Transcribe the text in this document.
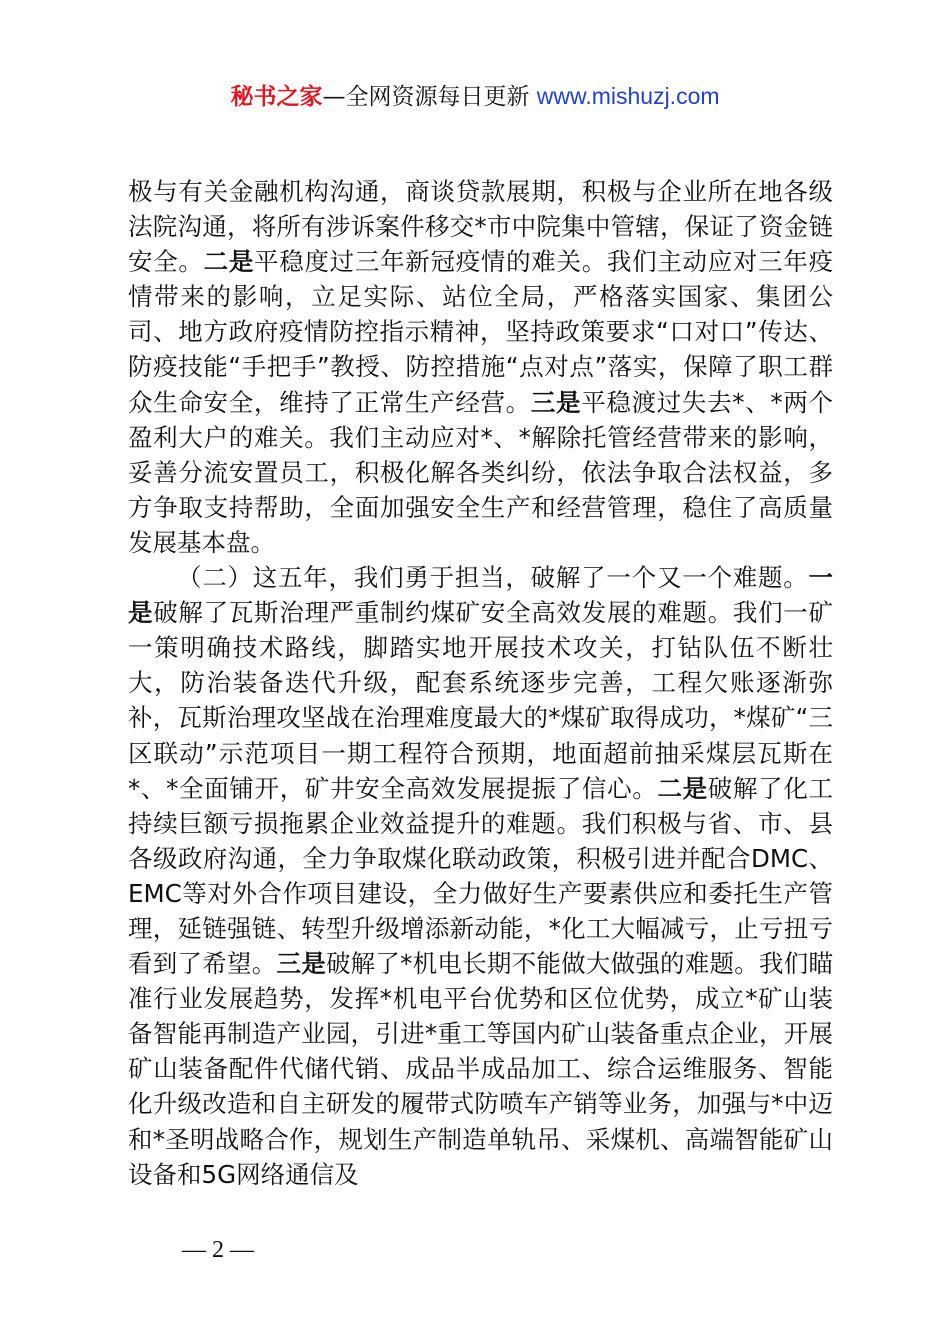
秘书之家—全网资源每日更新 www.mishuzj.com

极与有关金融机构沟通，商谈贷款展期，积极与企业所在地各级法院沟通，将所有涉诉案件移交*市中院集中管辖，保证了资金链安全。二是平稳度过三年新冠疫情的难关。我们主动应对三年疫情带来的影响，立足实际、站位全局，严格落实国家、集团公司、地方政府疫情防控指示精神，坚持政策要求“口对口”传达、防疫技能“手把手”教授、防控措施“点对点”落实，保障了职工群众生命安全，维持了正常生产经营。三是平稳渡过失去*、*两个盈利大户的难关。我们主动应对*、*解除托管经营带来的影响，妥善分流安置员工，积极化解各类纠纷，依法争取合法权益，多方争取支持帮助，全面加强安全生产和经营管理，稳住了高质量发展基本盘。

（二）这五年，我们勇于担当，破解了一个又一个难题。一是破解了瓦斯治理严重制约煤矿安全高效发展的难题。我们一矿一策明确技术路线，脚踏实地开展技术攻关，打钻队伍不断壮大，防治装备迭代升级，配套系统逐步完善，工程欠账逐渐弥补，瓦斯治理攻坚战在治理难度最大的*煤矿取得成功，*煤矿“三区联动”示范项目一期工程符合预期，地面超前抽采煤层瓦斯在*、*全面铺开，矿井安全高效发展提振了信心。二是破解了化工持续巨额亏损拖累企业效益提升的难题。我们积极与省、市、县各级政府沟通，全力争取煤化联动政策，积极引进并配合DMC、EMC等对外合作项目建设，全力做好生产要素供应和委托生产管理，延链强链、转型升级增添新动能，*化工大幅减亏，止亏扭亏看到了希望。三是破解了*机电长期不能做大做强的难题。我们瞄准行业发展趋势，发挥*机电平台优势和区位优势，成立*矿山装备智能再制造产业园，引进*重工等国内矿山装备重点企业，开展矿山装备配件代储代销、成品半成品加工、综合运维服务、智能化升级改造和自主研发的履带式防喷车产销等业务，加强与*中迈和*圣明战略合作，规划生产制造单轨吊、采煤机、高端智能矿山设备和5G网络通信及

— 2 —
